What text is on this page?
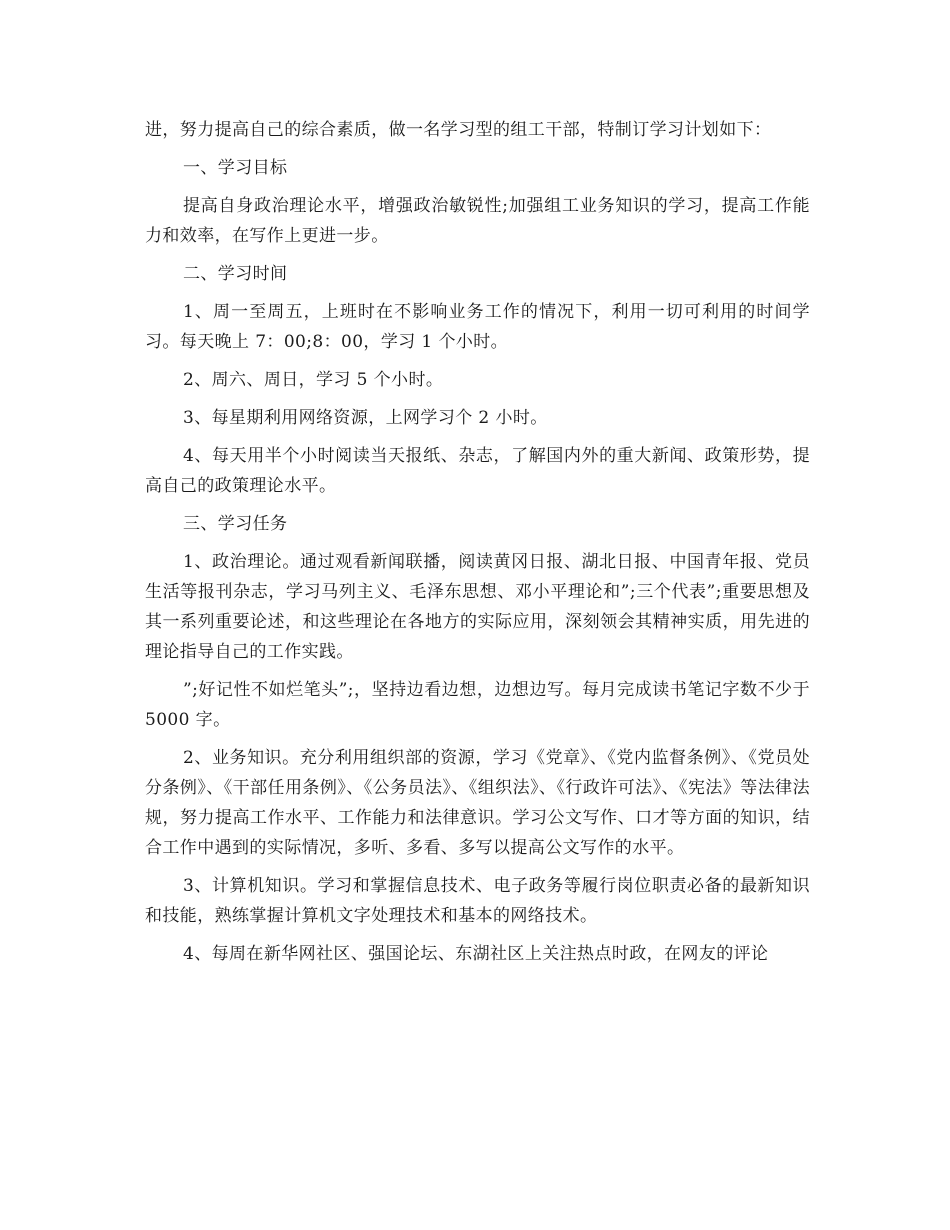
进，努力提高自己的综合素质，做一名学习型的组工干部，特制订学习计划如下：

一、学习目标

提高自身政治理论水平，增强政治敏锐性;加强组工业务知识的学习，提高工作能力和效率，在写作上更进一步。

二、学习时间

1、周一至周五，上班时在不影响业务工作的情况下，利用一切可利用的时间学习。每天晚上 7：00;8：00，学习 1 个小时。

2、周六、周日，学习 5 个小时。

3、每星期利用网络资源，上网学习个 2 小时。

4、每天用半个小时阅读当天报纸、杂志，了解国内外的重大新闻、政策形势，提高自己的政策理论水平。

三、学习任务

1、政治理论。通过观看新闻联播，阅读黄冈日报、湖北日报、中国青年报、党员生活等报刊杂志，学习马列主义、毛泽东思想、邓小平理论和”;三个代表”;重要思想及其一系列重要论述，和这些理论在各地方的实际应用，深刻领会其精神实质，用先进的理论指导自己的工作实践。

”;好记性不如烂笔头”;，坚持边看边想，边想边写。每月完成读书笔记字数不少于 5000 字。

2、业务知识。充分利用组织部的资源，学习《党章》、《党内监督条例》、《党员处分条例》、《干部任用条例》、《公务员法》、《组织法》、《行政许可法》、《宪法》等法律法规，努力提高工作水平、工作能力和法律意识。学习公文写作、口才等方面的知识，结合工作中遇到的实际情况，多听、多看、多写以提高公文写作的水平。

3、计算机知识。学习和掌握信息技术、电子政务等履行岗位职责必备的最新知识和技能，熟练掌握计算机文字处理技术和基本的网络技术。

4、每周在新华网社区、强国论坛、东湖社区上关注热点时政，在网友的评论
